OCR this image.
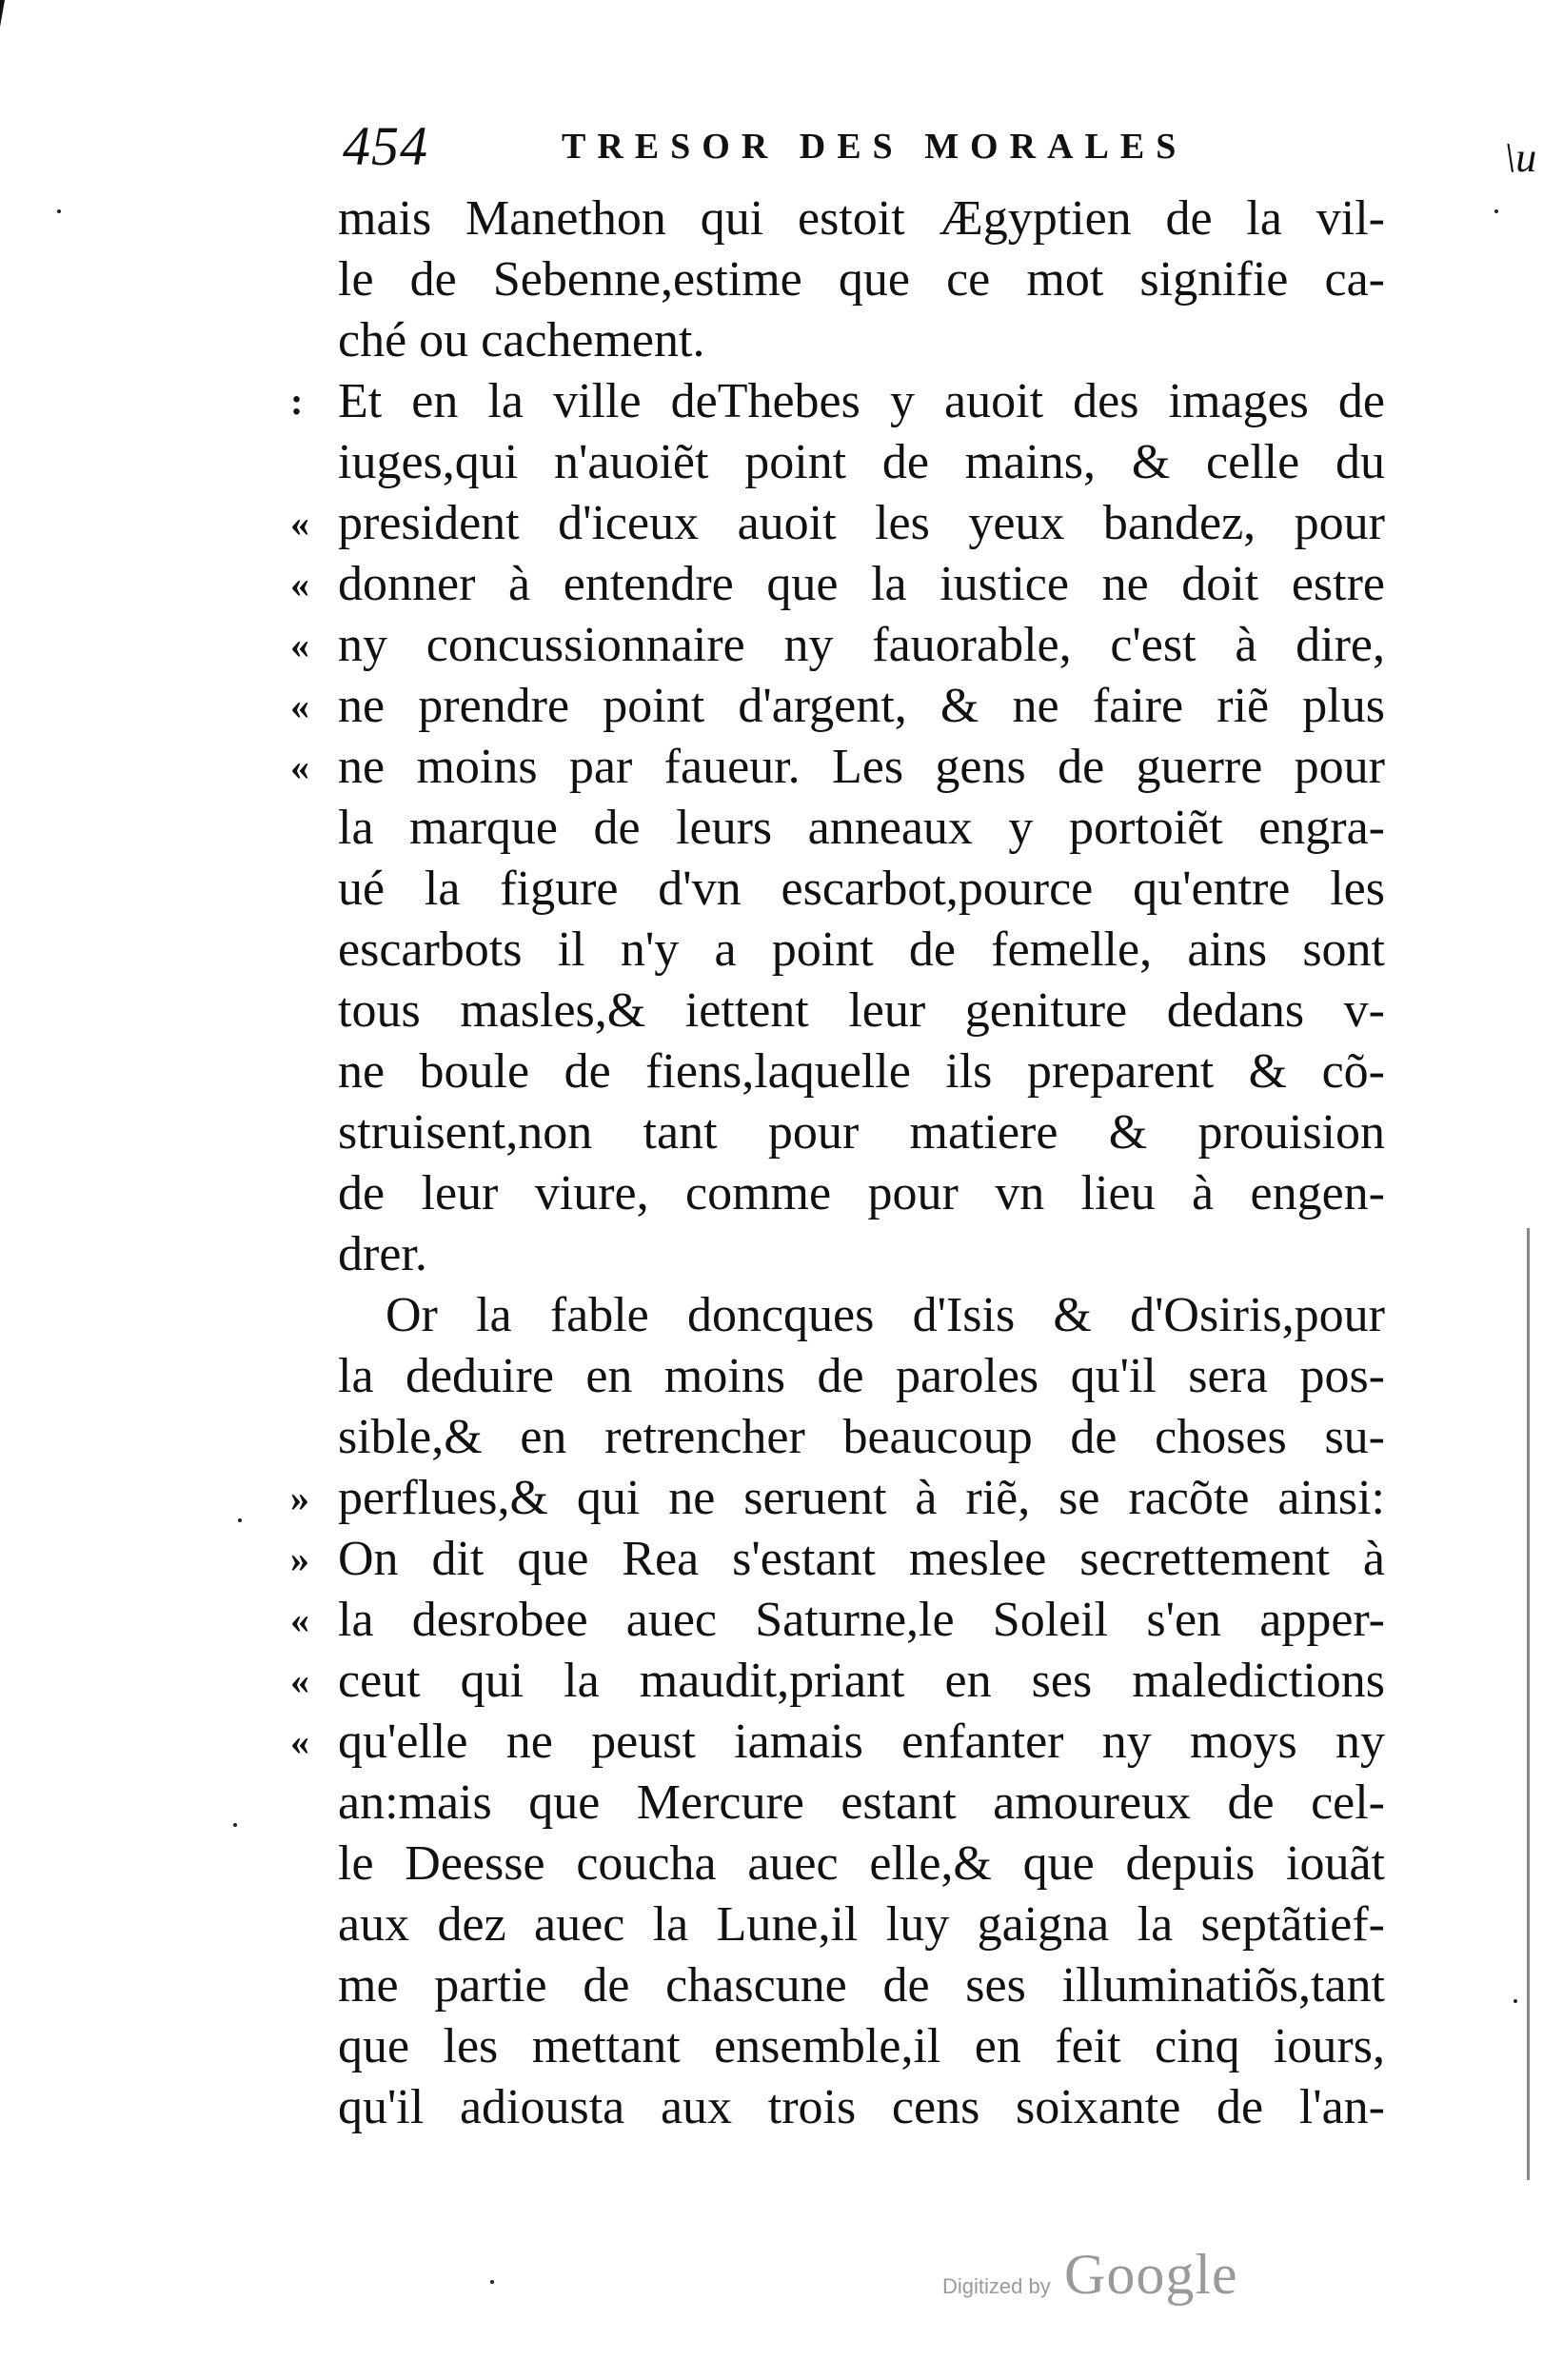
454	TRESOR DES MORALES	\u
mais Manethon qui estoit Ægyptien de la vil-
le de Sebenne,estime que ce mot signifie ca-
ché ou cachement.
: Et en la ville deThebes y auoit des images de
iuges,qui n'auoiẽt point de mains, & celle du
« president d'iceux auoit les yeux bandez, pour
« donner à entendre que la iustice ne doit estre
« ny concussionnaire ny fauorable, c'est à dire,
« ne prendre point d'argent, & ne faire riẽ plus
« ne moins par faueur. Les gens de guerre pour
la marque de leurs anneaux y portoiẽt engra-
ué la figure d'vn escarbot,pource qu'entre les
escarbots il n'y a point de femelle, ains sont
tous masles,& iettent leur geniture dedans v-
ne boule de fiens,laquelle ils preparent & cõ-
struisent,non tant pour matiere & prouision
de leur viure, comme pour vn lieu à engen-
drer.
Or la fable doncques d'Isis & d'Osiris,pour
la deduire en moins de paroles qu'il sera pos-
sible,& en retrencher beaucoup de choses su-
» perflues,& qui ne seruent à riẽ, se racõte ainsi:
» On dit que Rea s'estant meslee secrettement à
« la desrobee auec Saturne,le Soleil s'en apper-
« ceut qui la maudit,priant en ses maledictions
« qu'elle ne peust iamais enfanter ny moys ny
an:mais que Mercure estant amoureux de cel-
le Deesse coucha auec elle,& que depuis iouãt
aux dez auec la Lune,il luy gaigna la septãtief-
me partie de chascune de ses illuminatiõs,tant
que les mettant ensemble,il en feit cinq iours,
qu'il adiousta aux trois cens soixante de l'an-
Digitized by Google
